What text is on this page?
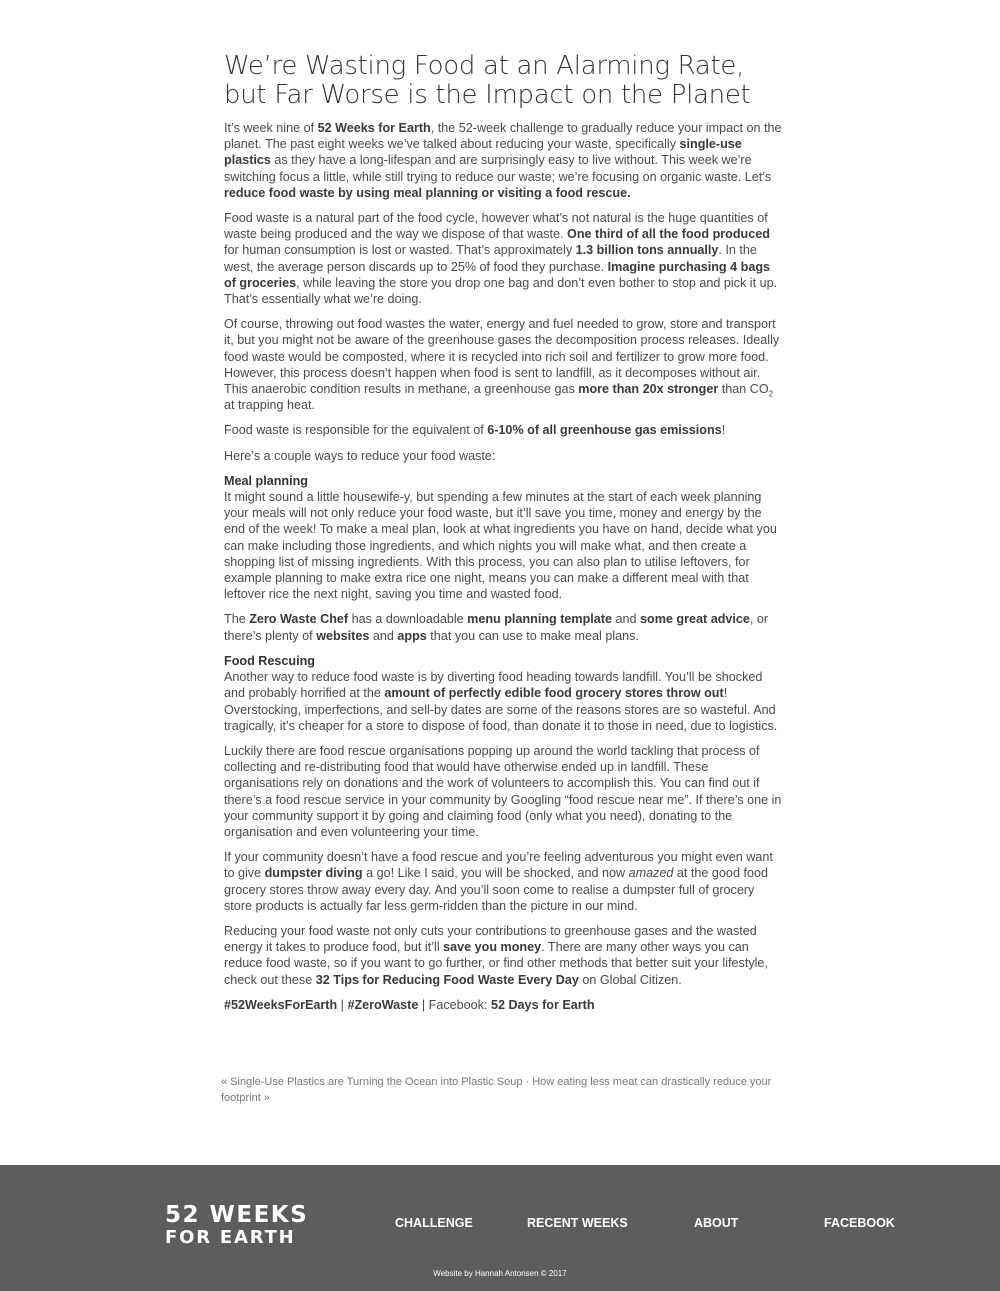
We’re Wasting Food at an Alarming Rate, but Far Worse is the Impact on the Planet

It’s week nine of 52 Weeks for Earth, the 52-week challenge to gradually reduce your impact on the planet. The past eight weeks we’ve talked about reducing your waste, specifically single-use plastics as they have a long-lifespan and are surprisingly easy to live without. This week we’re switching focus a little, while still trying to reduce our waste; we’re focusing on organic waste. Let’s reduce food waste by using meal planning or visiting a food rescue.

Food waste is a natural part of the food cycle, however what’s not natural is the huge quantities of waste being produced and the way we dispose of that waste. One third of all the food produced for human consumption is lost or wasted. That’s approximately 1.3 billion tons annually. In the west, the average person discards up to 25% of food they purchase. Imagine purchasing 4 bags of groceries, while leaving the store you drop one bag and don’t even bother to stop and pick it up. That’s essentially what we’re doing.

Of course, throwing out food wastes the water, energy and fuel needed to grow, store and transport it, but you might not be aware of the greenhouse gases the decomposition process releases. Ideally food waste would be composted, where it is recycled into rich soil and fertilizer to grow more food. However, this process doesn’t happen when food is sent to landfill, as it decomposes without air. This anaerobic condition results in methane, a greenhouse gas more than 20x stronger than $CO_2$ at trapping heat.

Food waste is responsible for the equivalent of 6-10% of all greenhouse gas emissions!

Here’s a couple ways to reduce your food waste:

Meal planning
It might sound a little housewife-y, but spending a few minutes at the start of each week planning your meals will not only reduce your food waste, but it’ll save you time, money and energy by the end of the week! To make a meal plan, look at what ingredients you have on hand, decide what you can make including those ingredients, and which nights you will make what, and then create a shopping list of missing ingredients. With this process, you can also plan to utilise leftovers, for example planning to make extra rice one night, means you can make a different meal with that leftover rice the next night, saving you time and wasted food.

The Zero Waste Chef has a downloadable menu planning template and some great advice, or there’s plenty of websites and apps that you can use to make meal plans.

Food Rescuing
Another way to reduce food waste is by diverting food heading towards landfill. You’ll be shocked and probably horrified at the amount of perfectly edible food grocery stores throw out! Overstocking, imperfections, and sell-by dates are some of the reasons stores are so wasteful. And tragically, it’s cheaper for a store to dispose of food, than donate it to those in need, due to logistics.

Luckily there are food rescue organisations popping up around the world tackling that process of collecting and re-distributing food that would have otherwise ended up in landfill. These organisations rely on donations and the work of volunteers to accomplish this. You can find out if there’s a food rescue service in your community by Googling “food rescue near me”. If there’s one in your community support it by going and claiming food (only what you need), donating to the organisation and even volunteering your time.

If your community doesn’t have a food rescue and you’re feeling adventurous you might even want to give dumpster diving a go! Like I said, you will be shocked, and now amazed at the good food grocery stores throw away every day. And you’ll soon come to realise a dumpster full of grocery store products is actually far less germ-ridden than the picture in our mind.

Reducing your food waste not only cuts your contributions to greenhouse gases and the wasted energy it takes to produce food, but it’ll save you money. There are many other ways you can reduce food waste, so if you want to go further, or find other methods that better suit your lifestyle, check out these 32 Tips for Reducing Food Waste Every Day on Global Citizen.

#52WeeksForEarth | #ZeroWaste | Facebook: 52 Days for Earth

« Single-Use Plastics are Turning the Ocean into Plastic Soup · How eating less meat can drastically reduce your footprint »
52 WEEKS
FOR EARTH
CHALLENGE	RECENT WEEKS	ABOUT	FACEBOOK
Website by Hannah Antonsen © 2017
